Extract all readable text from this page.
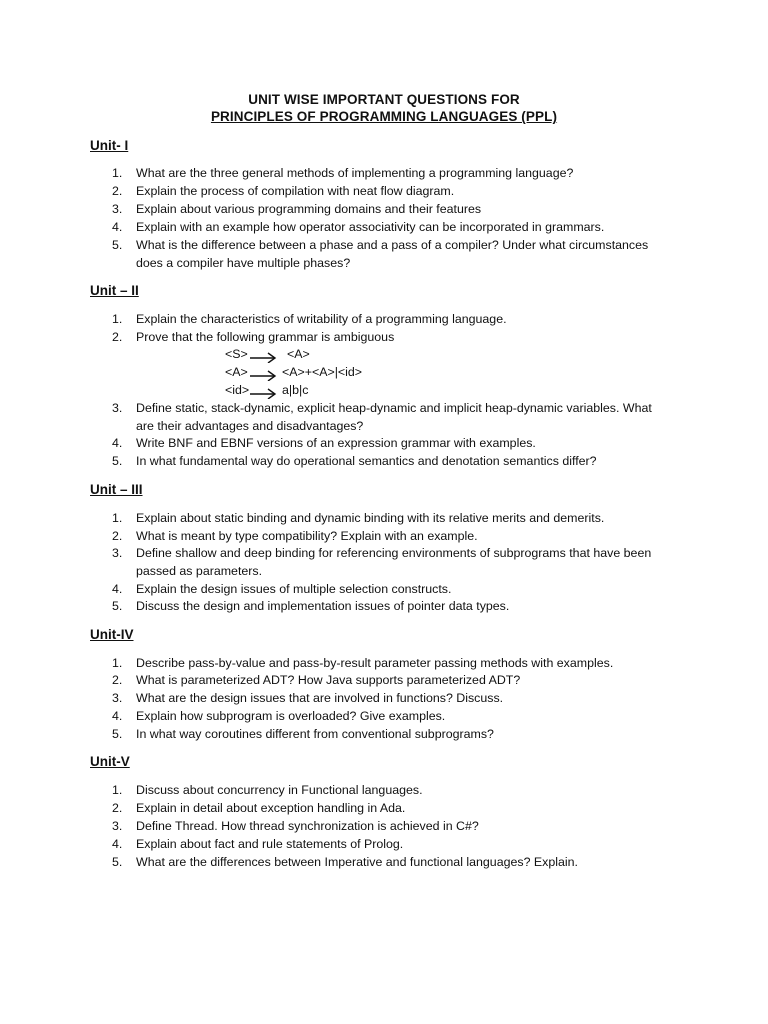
UNIT WISE IMPORTANT QUESTIONS FOR
PRINCIPLES OF PROGRAMMING LANGUAGES (PPL)
Unit- I
1.	What are the three general methods of implementing a programming language?
2.	Explain the process of compilation with neat flow diagram.
3.	Explain about various programming domains and their features
4.	Explain with an example how operator associativity can be incorporated in grammars.
5.	What is the difference between a phase and a pass of a compiler? Under what circumstances does a compiler have multiple phases?
Unit – II
1.	Explain the characteristics of writability of a programming language.
2.	Prove that the following grammar is ambiguous
<S>	<A>
<A>	<A>+<A>|<id>
<id>	a|b|c
3.	Define static, stack-dynamic, explicit heap-dynamic and implicit heap-dynamic variables. What are their advantages and disadvantages?
4.	Write BNF and EBNF versions of an expression grammar with examples.
5.	In what fundamental way do operational semantics and denotation semantics differ?
Unit – III
1.	Explain about static binding and dynamic binding with its relative merits and demerits.
2.	What is meant by type compatibility? Explain with an example.
3.	Define shallow and deep binding for referencing environments of subprograms that have been passed as parameters.
4.	Explain the design issues of multiple selection constructs.
5.	Discuss the design and implementation issues of pointer data types.
Unit-IV
1.	Describe pass-by-value and pass-by-result parameter passing methods with examples.
2.	What is parameterized ADT? How Java supports parameterized ADT?
3.	What are the design issues that are involved in functions? Discuss.
4.	Explain how subprogram is overloaded? Give examples.
5.	In what way coroutines different from conventional subprograms?
Unit-V
1.	Discuss about concurrency in Functional languages.
2.	Explain in detail about exception handling in Ada.
3.	Define Thread. How thread synchronization is achieved in C#?
4.	Explain about fact and rule statements of Prolog.
5.	What are the differences between Imperative and functional languages? Explain.
